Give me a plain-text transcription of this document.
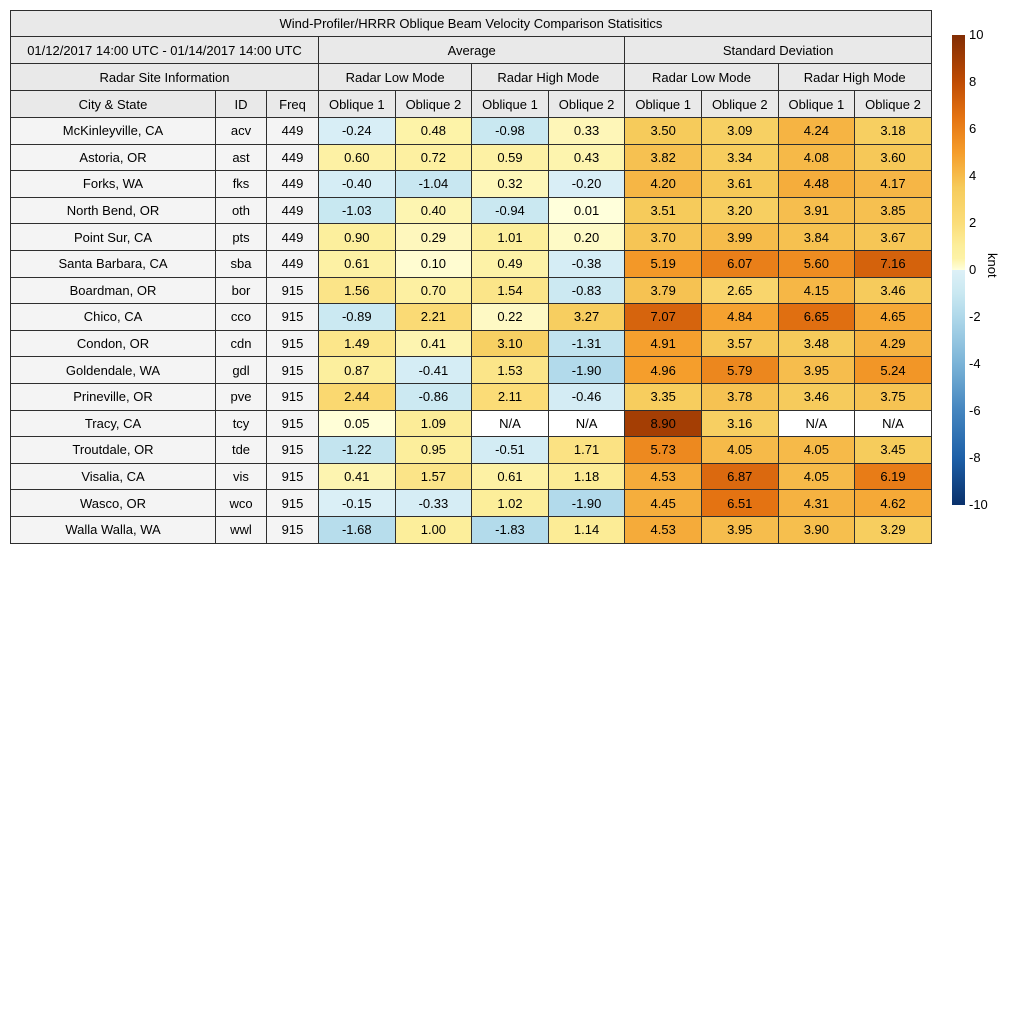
Wind-Profiler/HRRR Oblique Beam Velocity Comparison Statisitics										
01/12/2017 14:00 UTC - 01/14/2017 14:00 UTC			Average				Standard Deviation			
Radar Site Information			Radar Low Mode		Radar High Mode		Radar Low Mode		Radar High Mode	
City & State	ID	Freq	Oblique 1	Oblique 2	Oblique 1	Oblique 2	Oblique 1	Oblique 2	Oblique 1	Oblique 2
McKinleyville, CA	acv	449	-0.24	0.48	-0.98	0.33	3.50	3.09	4.24	3.18
Astoria, OR	ast	449	0.60	0.72	0.59	0.43	3.82	3.34	4.08	3.60
Forks, WA	fks	449	-0.40	-1.04	0.32	-0.20	4.20	3.61	4.48	4.17
North Bend, OR	oth	449	-1.03	0.40	-0.94	0.01	3.51	3.20	3.91	3.85
Point Sur, CA	pts	449	0.90	0.29	1.01	0.20	3.70	3.99	3.84	3.67
Santa Barbara, CA	sba	449	0.61	0.10	0.49	-0.38	5.19	6.07	5.60	7.16
Boardman, OR	bor	915	1.56	0.70	1.54	-0.83	3.79	2.65	4.15	3.46
Chico, CA	cco	915	-0.89	2.21	0.22	3.27	7.07	4.84	6.65	4.65
Condon, OR	cdn	915	1.49	0.41	3.10	-1.31	4.91	3.57	3.48	4.29
Goldendale, WA	gdl	915	0.87	-0.41	1.53	-1.90	4.96	5.79	3.95	5.24
Prineville, OR	pve	915	2.44	-0.86	2.11	-0.46	3.35	3.78	3.46	3.75
Tracy, CA	tcy	915	0.05	1.09	N/A	N/A	8.90	3.16	N/A	N/A
Troutdale, OR	tde	915	-1.22	0.95	-0.51	1.71	5.73	4.05	4.05	3.45
Visalia, CA	vis	915	0.41	1.57	0.61	1.18	4.53	6.87	4.05	6.19
Wasco, OR	wco	915	-0.15	-0.33	1.02	-1.90	4.45	6.51	4.31	4.62
Walla Walla, WA	wwl	915	-1.68	1.00	-1.83	1.14	4.53	3.95	3.90	3.29
10
8
6
4
2
0
-2
-4
-6
-8
-10
knot
